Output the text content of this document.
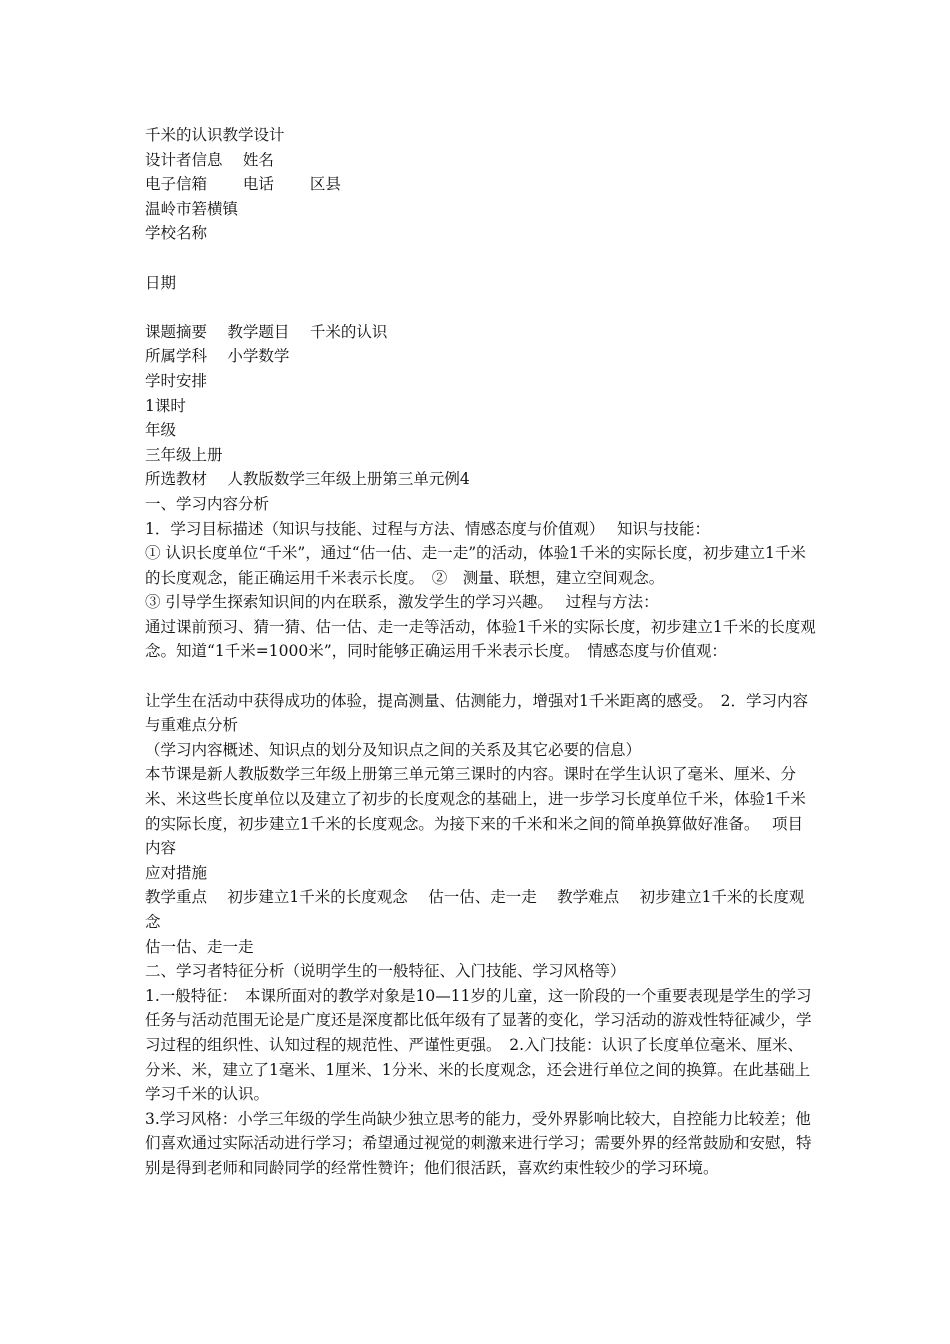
千米的认识教学设计
设计者信息　 姓名
电子信箱　　 电话　　 区县
温岭市箬横镇
学校名称
日期
课题摘要　 教学题目　 千米的认识
所属学科　 小学数学
学时安排
1课时
年级
三年级上册
所选教材　 人教版数学三年级上册第三单元例4
一、学习内容分析
1．学习目标描述（知识与技能、过程与方法、情感态度与价值观）　 知识与技能：

① 认识长度单位“千米”，通过“估一估、走一走”的活动，体验1千米的实际长度，初步建立1千米的长度观念，能正确运用千米表示长度。　②　测量、联想，建立空间观念。

③ 引导学生探索知识间的内在联系，激发学生的学习兴趣。　 过程与方法：

通过课前预习、猜一猜、估一估、走一走等活动，体验1千米的实际长度，初步建立1千米的长度观念。知道“1千米=1000米”，同时能够正确运用千米表示长度。　情感态度与价值观：

让学生在活动中获得成功的体验，提高测量、估测能力，增强对1千米距离的感受。　2．学习内容与重难点分析

（学习内容概述、知识点的划分及知识点之间的关系及其它必要的信息）

本节课是新人教版数学三年级上册第三单元第三课时的内容。课时在学生认识了毫米、厘米、分米、米这些长度单位以及建立了初步的长度观念的基础上，进一步学习长度单位千米，体验1千米的实际长度，初步建立1千米的长度观念。为接下来的千米和米之间的简单换算做好准备。　 项目

内容
应对措施

教学重点　 初步建立1千米的长度观念　 估一估、走一走　 教学难点　 初步建立1千米的长度观念

估一估、走一走
二、学习者特征分析（说明学生的一般特征、入门技能、学习风格等）

1.一般特征：　本课所面对的教学对象是10—11岁的儿童，这一阶段的一个重要表现是学生的学习任务与活动范围无论是广度还是深度都比低年级有了显著的变化，学习活动的游戏性特征减少，学习过程的组织性、认知过程的规范性、严谨性更强。　2.入门技能：认识了长度单位毫米、厘米、分米、米，建立了1毫米、1厘米、1分米、米的长度观念，还会进行单位之间的换算。在此基础上学习千米的认识。

3.学习风格：小学三年级的学生尚缺少独立思考的能力，受外界影响比较大，自控能力比较差；他们喜欢通过实际活动进行学习；希望通过视觉的刺激来进行学习；需要外界的经常鼓励和安慰，特别是得到老师和同龄同学的经常性赞许；他们很活跃，喜欢约束性较少的学习环境。
